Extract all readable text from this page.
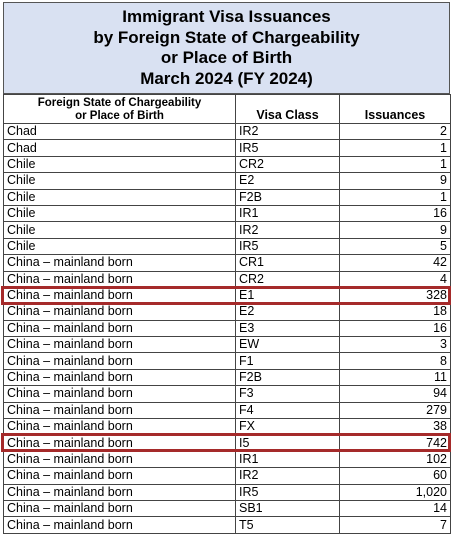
Immigrant Visa Issuances
by Foreign State of Chargeability
or Place of Birth
March 2024 (FY 2024)
Foreign State of Chargeability
or Place of Birth	Visa Class	Issuances
Chad	IR2	2
Chad	IR5	1
Chile	CR2	1
Chile	E2	9
Chile	F2B	1
Chile	IR1	16
Chile	IR2	9
Chile	IR5	5
China – mainland born	CR1	42
China – mainland born	CR2	4
China – mainland born	E1	328
China – mainland born	E2	18
China – mainland born	E3	16
China – mainland born	EW	3
China – mainland born	F1	8
China – mainland born	F2B	11
China – mainland born	F3	94
China – mainland born	F4	279
China – mainland born	FX	38
China – mainland born	I5	742
China – mainland born	IR1	102
China – mainland born	IR2	60
China – mainland born	IR5	1,020
China – mainland born	SB1	14
China – mainland born	T5	7
